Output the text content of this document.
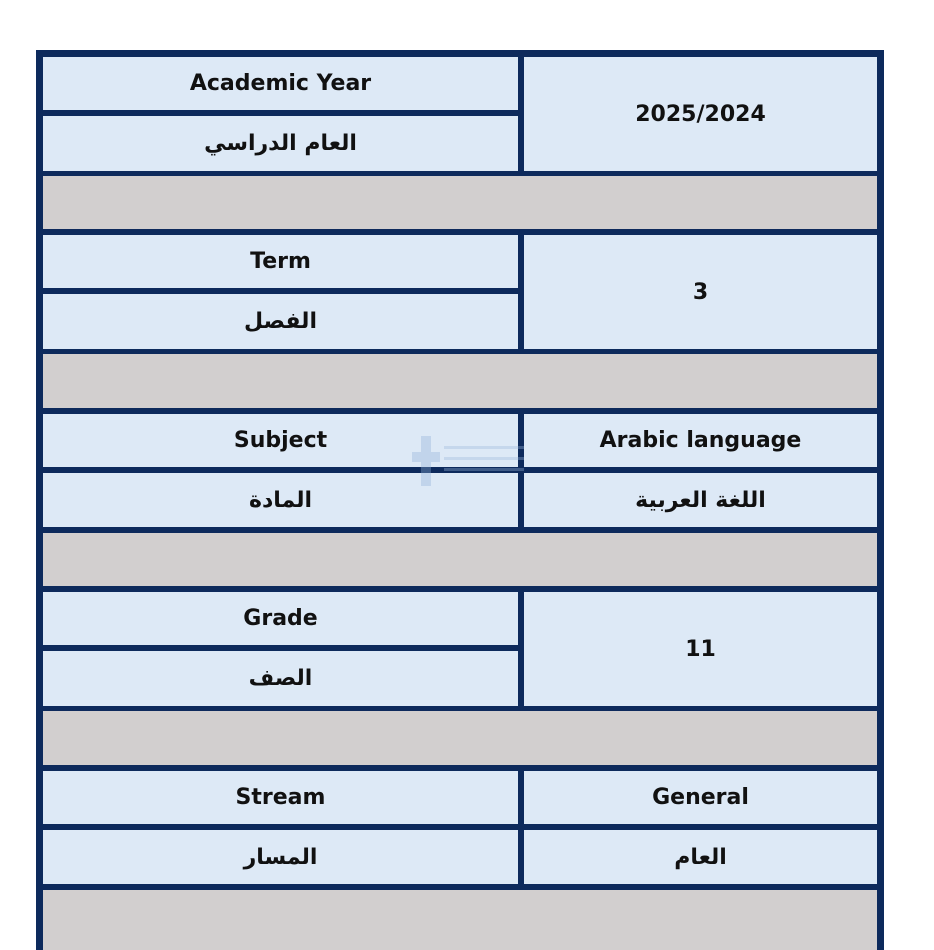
Academic Year
العام الدراسي
2025/2024
Term
الفصل
3
Subject
المادة
Arabic language
اللغة العربية
Grade
الصف
11
Stream
المسار
General
العام
